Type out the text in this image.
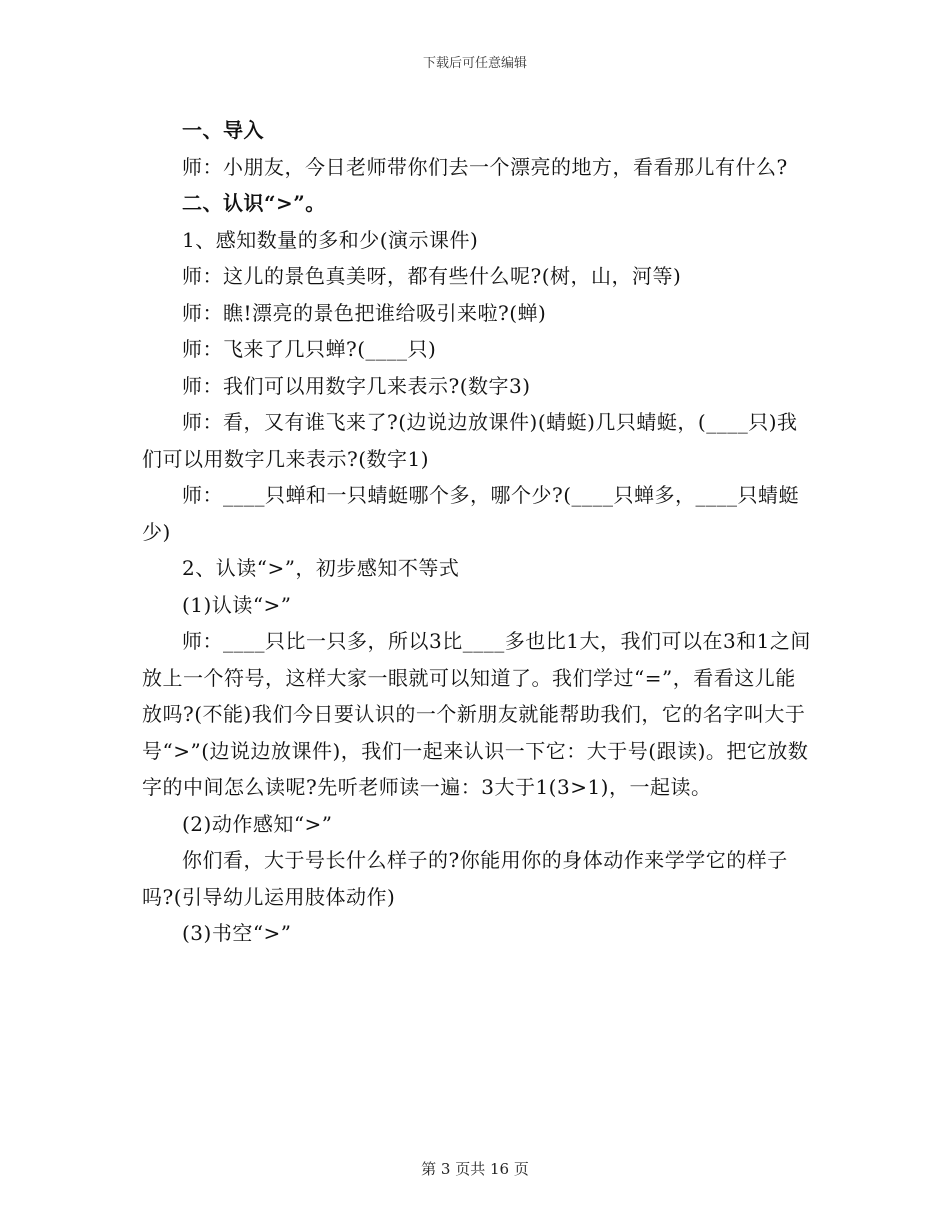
下载后可任意编辑

一、导入

师：小朋友，今日老师带你们去一个漂亮的地方，看看那儿有什么?

二、认识“>”。

1、感知数量的多和少(演示课件)

师：这儿的景色真美呀，都有些什么呢?(树，山，河等)

师：瞧!漂亮的景色把谁给吸引来啦?(蝉)

师：飞来了几只蝉?(____只)

师：我们可以用数字几来表示?(数字3)

师：看，又有谁飞来了?(边说边放课件)(蜻蜓)几只蜻蜓，(____只)我们可以用数字几来表示?(数字1)

师：____只蝉和一只蜻蜓哪个多，哪个少?(____只蝉多，____只蜻蜓少)

2、认读“>”，初步感知不等式

(1)认读“>”

师：____只比一只多，所以3比____多也比1大，我们可以在3和1之间放上一个符号，这样大家一眼就可以知道了。我们学过“=”，看看这儿能放吗?(不能)我们今日要认识的一个新朋友就能帮助我们，它的名字叫大于号“>”(边说边放课件)，我们一起来认识一下它：大于号(跟读)。把它放数字的中间怎么读呢?先听老师读一遍：3大于1(3>1)，一起读。

(2)动作感知“>”

你们看，大于号长什么样子的?你能用你的身体动作来学学它的样子吗?(引导幼儿运用肢体动作)

(3)书空“>”

第 3 页共 16 页
